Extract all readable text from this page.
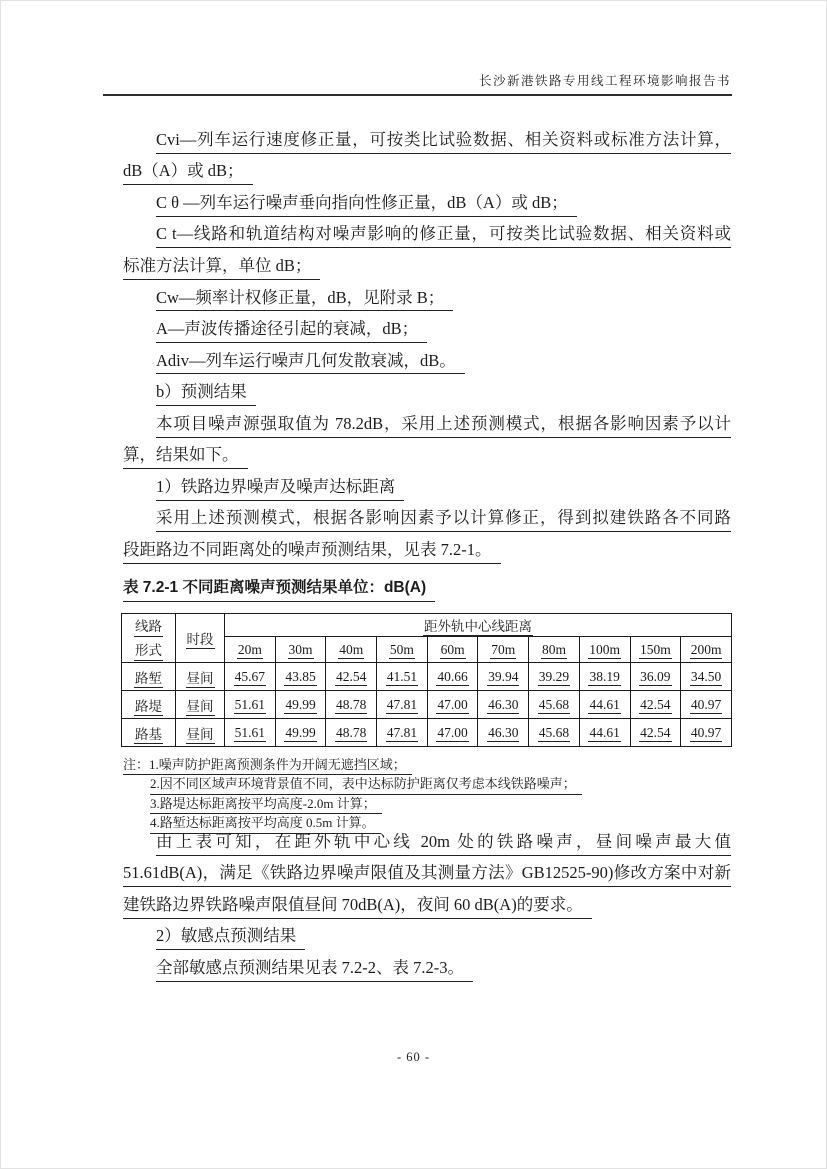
长沙新港铁路专用线工程环境影响报告书
Cvi—列车运行速度修正量，可按类比试验数据、相关资料或标准方法计算，
dB（A）或 dB；
C θ —列车运行噪声垂向指向性修正量，dB（A）或 dB；
C t—线路和轨道结构对噪声影响的修正量，可按类比试验数据、相关资料或
标准方法计算，单位 dB；
Cw—频率计权修正量，dB，见附录 B；
A—声波传播途径引起的衰减，dB；
Adiv—列车运行噪声几何发散衰减，dB。
b）预测结果
本项目噪声源强取值为 78.2dB，采用上述预测模式，根据各影响因素予以计
算，结果如下。
1）铁路边界噪声及噪声达标距离
采用上述预测模式，根据各影响因素予以计算修正，得到拟建铁路各不同路
段距路边不同距离处的噪声预测结果，见表 7.2-1。
表 7.2-1 不同距离噪声预测结果单位：dB(A)
线路
形式	时段	距外轨中心线距离									
		20m	30m	40m	50m	60m	70m	80m	100m	150m	200m
路堑	昼间	45.67	43.85	42.54	41.51	40.66	39.94	39.29	38.19	36.09	34.50
路堤	昼间	51.61	49.99	48.78	47.81	47.00	46.30	45.68	44.61	42.54	40.97
路基	昼间	51.61	49.99	48.78	47.81	47.00	46.30	45.68	44.61	42.54	40.97
注：1.噪声防护距离预测条件为开阔无遮挡区域；
2.因不同区域声环境背景值不同，表中达标防护距离仅考虑本线铁路噪声；
3.路堤达标距离按平均高度-2.0m 计算；
4.路堑达标距离按平均高度 0.5m 计算。
由上表可知，在距外轨中心线 20m 处的铁路噪声，昼间噪声最大值
51.61dB(A)，满足《铁路边界噪声限值及其测量方法》GB12525-90)修改方案中对新
建铁路边界铁路噪声限值昼间 70dB(A)，夜间 60 dB(A)的要求。
2）敏感点预测结果
全部敏感点预测结果见表 7.2-2、表 7.2-3。
- 60 -
